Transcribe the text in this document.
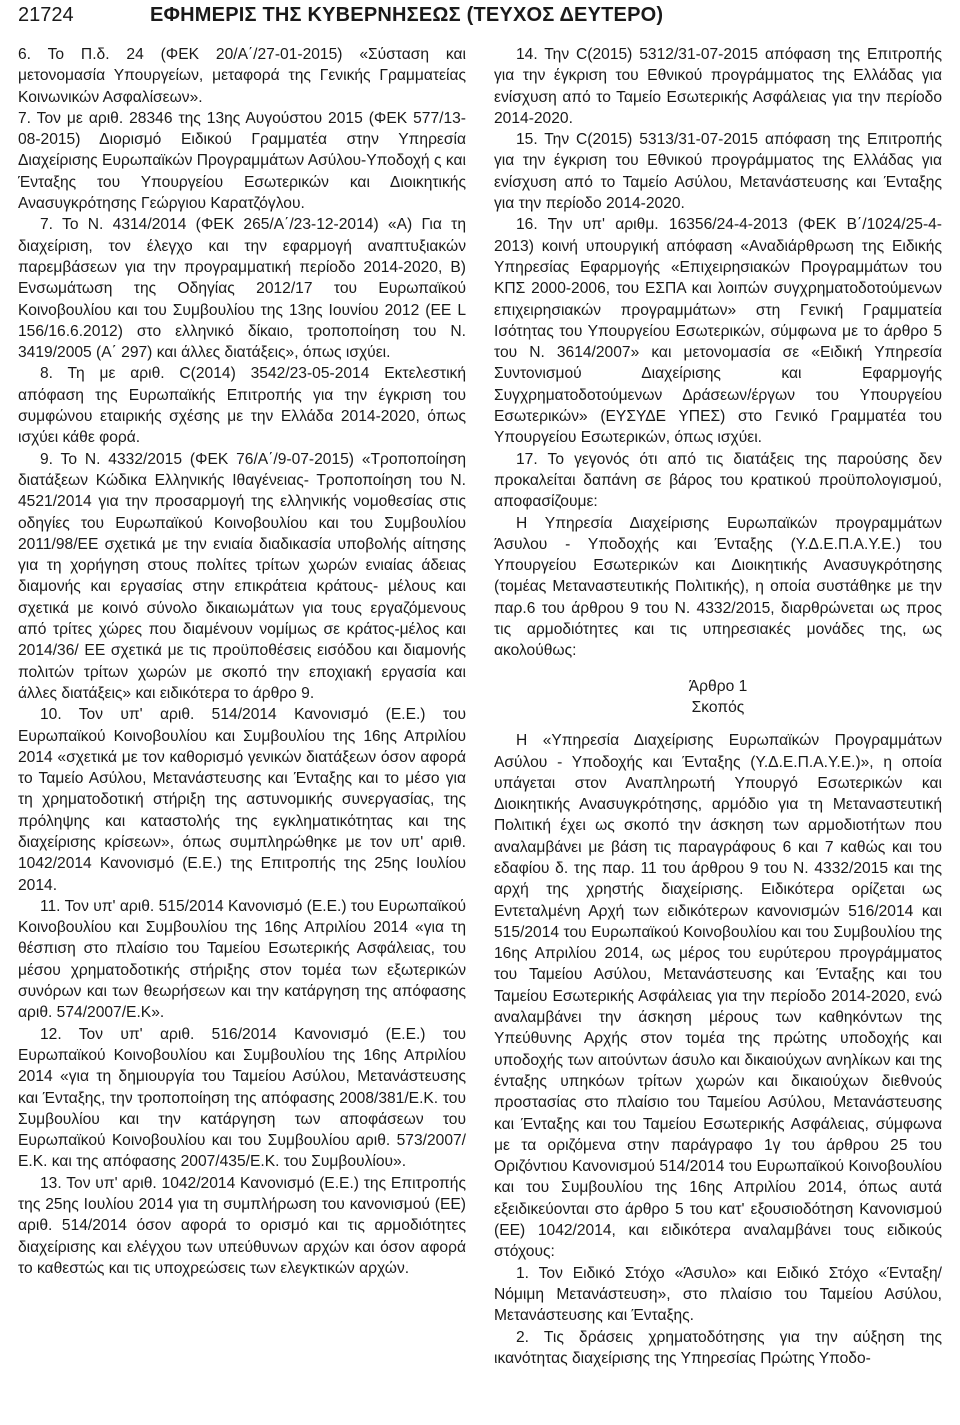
21724	ΕΦΗΜΕΡΙΣ ΤΗΣ ΚΥΒΕΡΝΗΣΕΩΣ (ΤΕΥΧΟΣ ΔΕΥΤΕΡΟ)

6. Το Π.δ. 24 (ΦΕΚ 20/Α΄/27-01-2015) «Σύσταση και μετονομασία Υπουργείων, μεταφορά της Γενικής Γραμματείας Κοινωνικών Ασφαλίσεων».

7. Τον με αριθ. 28346 της 13ης Αυγούστου 2015 (ΦΕΚ 577/13-08-2015) Διορισμό Ειδικού Γραμματέα στην Υπηρεσία Διαχείρισης Ευρωπαϊκών Προγραμμάτων Ασύλου-Υποδοχή ς και Ένταξης του Υπουργείου Εσωτερικών και Διοικητικής Ανασυγκρότησης Γεώργιου Καρατζόγλου.

7. Το Ν. 4314/2014 (ΦΕΚ 265/Α΄/23-12-2014) «Α) Για τη διαχείριση, τον έλεγχο και την εφαρμογή αναπτυξιακών παρεμβάσεων για την προγραμματική περίοδο 2014-2020, Β) Ενσωμάτωση της Οδηγίας 2012/17 του Ευρωπαϊκού Κοινοβουλίου και του Συμβουλίου της 13ης Ιουνίου 2012 (ΕΕ L 156/16.6.2012) στο ελληνικό δίκαιο, τροποποίηση του Ν. 3419/2005 (Α΄ 297) και άλλες διατάξεις», όπως ισχύει.

8. Τη με αριθ. C(2014) 3542/23-05-2014 Εκτελεστική απόφαση της Ευρωπαϊκής Επιτροπής για την έγκριση του συμφώνου εταιρικής σχέσης με την Ελλάδα 2014-2020, όπως ισχύει κάθε φορά.

9. Το Ν. 4332/2015 (ΦΕΚ 76/Α΄/9-07-2015) «Τροποποίηση διατάξεων Κώδικα Ελληνικής Ιθαγένειας- Τροποποίηση του Ν. 4521/2014 για την προσαρμογή της ελληνικής νομοθεσίας στις οδηγίες του Ευρωπαϊκού Κοινοβουλίου και του Συμβουλίου 2011/98/ΕΕ σχετικά με την ενιαία διαδικασία υποβολής αίτησης για τη χορήγηση στους πολίτες τρίτων χωρών ενιαίας άδειας διαμονής και εργασίας στην επικράτεια κράτους- μέλους και σχετικά με κοινό σύνολο δικαιωμάτων για τους εργαζόμενους από τρίτες χώρες που διαμένουν νομίμως σε κράτος-μέλος και 2014/36/ ΕΕ σχετικά με τις προϋποθέσεις εισόδου και διαμονής πολιτών τρίτων χωρών με σκοπό την εποχιακή εργασία και άλλες διατάξεις» και ειδικότερα το άρθρο 9.

10. Τον υπ' αριθ. 514/2014 Κανονισμό (Ε.Ε.) του Ευρωπαϊκού Κοινοβουλίου και Συμβουλίου της 16ης Απριλίου 2014 «σχετικά με τον καθορισμό γενικών διατάξεων όσον αφορά το Ταμείο Ασύλου, Μετανάστευσης και Ένταξης και το μέσο για τη χρηματοδοτική στήριξη της αστυνομικής συνεργασίας, της πρόληψης και καταστολής της εγκληματικότητας και της διαχείρισης κρίσεων», όπως συμπληρώθηκε με τον υπ' αριθ. 1042/2014 Κανονισμό (Ε.Ε.) της Επιτροπής της 25ης Ιουλίου 2014.

11. Τον υπ' αριθ. 515/2014 Κανονισμό (Ε.Ε.) του Ευρωπαϊκού Κοινοβουλίου και Συμβουλίου της 16ης Απριλίου 2014 «για τη θέσπιση στο πλαίσιο του Ταμείου Εσωτερικής Ασφάλειας, του μέσου χρηματοδοτικής στήριξης στον τομέα των εξωτερικών συνόρων και των θεωρήσεων και την κατάργηση της απόφασης αριθ. 574/2007/Ε.Κ».

12. Τον υπ' αριθ. 516/2014 Κανονισμό (Ε.Ε.) του Ευρωπαϊκού Κοινοβουλίου και Συμβουλίου της 16ης Απριλίου 2014 «για τη δημιουργία του Ταμείου Ασύλου, Μετανάστευσης και Ένταξης, την τροποποίηση της απόφασης 2008/381/Ε.Κ. του Συμβουλίου και την κατάργηση των αποφάσεων του Ευρωπαϊκού Κοινοβουλίου και του Συμβουλίου αριθ. 573/2007/Ε.Κ. και της απόφασης 2007/435/Ε.Κ. του Συμβουλίου».

13. Τον υπ' αριθ. 1042/2014 Κανονισμό (Ε.Ε.) της Επιτροπής της 25ης Ιουλίου 2014 για τη συμπλήρωση του κανονισμού (ΕΕ) αριθ. 514/2014 όσον αφορά το ορισμό και τις αρμοδιότητες διαχείρισης και ελέγχου των υπεύθυνων αρχών και όσον αφορά το καθεστώς και τις υποχρεώσεις των ελεγκτικών αρχών.

14. Την C(2015) 5312/31-07-2015 απόφαση της Επιτροπής για την έγκριση του Εθνικού προγράμματος της Ελλάδας για ενίσχυση από το Ταμείο Εσωτερικής Ασφάλειας για την περίοδο 2014-2020.

15. Την C(2015) 5313/31-07-2015 απόφαση της Επιτροπής για την έγκριση του Εθνικού προγράμματος της Ελλάδας για ενίσχυση από το Ταμείο Ασύλου, Μετανάστευσης και Ένταξης για την περίοδο 2014-2020.

16. Την υπ' αριθμ. 16356/24-4-2013 (ΦΕΚ Β΄/1024/25-4-2013) κοινή υπουργική απόφαση «Αναδιάρθρωση της Ειδικής Υπηρεσίας Εφαρμογής «Επιχειρησιακών Προγραμμάτων του ΚΠΣ 2000-2006, του ΕΣΠΑ και λοιπών συγχρηματοδοτούμενων επιχειρησιακών προγραμμάτων» στη Γενική Γραμματεία Ισότητας του Υπουργείου Εσωτερικών, σύμφωνα με το άρθρο 5 του Ν. 3614/2007» και μετονομασία σε «Ειδική Υπηρεσία Συντονισμού Διαχείρισης και Εφαρμογής Συγχρηματοδοτούμενων Δράσεων/έργων του Υπουργείου Εσωτερικών» (ΕΥΣΥΔΕ ΥΠΕΣ) στο Γενικό Γραμματέα του Υπουργείου Εσωτερικών, όπως ισχύει.

17. Το γεγονός ότι από τις διατάξεις της παρούσης δεν προκαλείται δαπάνη σε βάρος του κρατικού προϋπολογισμού, αποφασίζουμε:

Η Υπηρεσία Διαχείρισης Ευρωπαϊκών προγραμμάτων Άσυλου - Υποδοχής και Ένταξης (Υ.Δ.Ε.Π.Α.Υ.Ε.) του Υπουργείου Εσωτερικών και Διοικητικής Ανασυγκρότησης (τομέας Μεταναστευτικής Πολιτικής), η οποία συστάθηκε με την παρ.6 του άρθρου 9 του Ν. 4332/2015, διαρθρώνεται ως προς τις αρμοδιότητες και τις υπηρεσιακές μονάδες της, ως ακολούθως:

Άρθρο 1

Σκοπός

Η «Υπηρεσία Διαχείρισης Ευρωπαϊκών Προγραμμάτων Ασύλου - Υποδοχής και Ένταξης (Υ.Δ.Ε.Π.Α.Υ.Ε.)», η οποία υπάγεται στον Αναπληρωτή Υπουργό Εσωτερικών και Διοικητικής Ανασυγκρότησης, αρμόδιο για τη Μεταναστευτική Πολιτική έχει ως σκοπό την άσκηση των αρμοδιοτήτων που αναλαμβάνει με βάση τις παραγράφους 6 και 7 καθώς και του εδαφίου δ. της παρ. 11 του άρθρου 9 του Ν. 4332/2015 και της αρχή της χρηστής διαχείρισης. Ειδικότερα ορίζεται ως Εντεταλμένη Αρχή των ειδικότερων κανονισμών 516/2014 και 515/2014 του Ευρωπαϊκού Κοινοβουλίου και του Συμβουλίου της 16ης Απριλίου 2014, ως μέρος του ευρύτερου προγράμματος του Ταμείου Ασύλου, Μετανάστευσης και Ένταξης και του Ταμείου Εσωτερικής Ασφάλειας για την περίοδο 2014-2020, ενώ αναλαμβάνει την άσκηση μέρους των καθηκόντων της Υπεύθυνης Αρχής στον τομέα της πρώτης υποδοχής και υποδοχής των αιτούντων άσυλο και δικαιούχων ανηλίκων και της ένταξης υπηκόων τρίτων χωρών και δικαιούχων διεθνούς προστασίας στο πλαίσιο του Ταμείου Ασύλου, Μετανάστευσης και Ένταξης και του Ταμείου Εσωτερικής Ασφάλειας, σύμφωνα με τα οριζόμενα στην παράγραφο 1γ του άρθρου 25 του Οριζόντιου Κανονισμού 514/2014 του Ευρωπαϊκού Κοινοβουλίου και του Συμβουλίου της 16ης Απριλίου 2014, όπως αυτά εξειδικεύονται στο άρθρο 5 του κατ' εξουσιοδότηση Κανονισμού (ΕΕ) 1042/2014, και ειδικότερα αναλαμβάνει τους ειδικούς στόχους:

1. Τον Ειδικό Στόχο «Άσυλο» και Ειδικό Στόχο «Ένταξη/Νόμιμη Μετανάστευση», στο πλαίσιο του Ταμείου Ασύλου, Μετανάστευσης και Ένταξης.

2. Τις δράσεις χρηματοδότησης για την αύξηση της ικανότητας διαχείρισης της Υπηρεσίας Πρώτης Υποδο-
